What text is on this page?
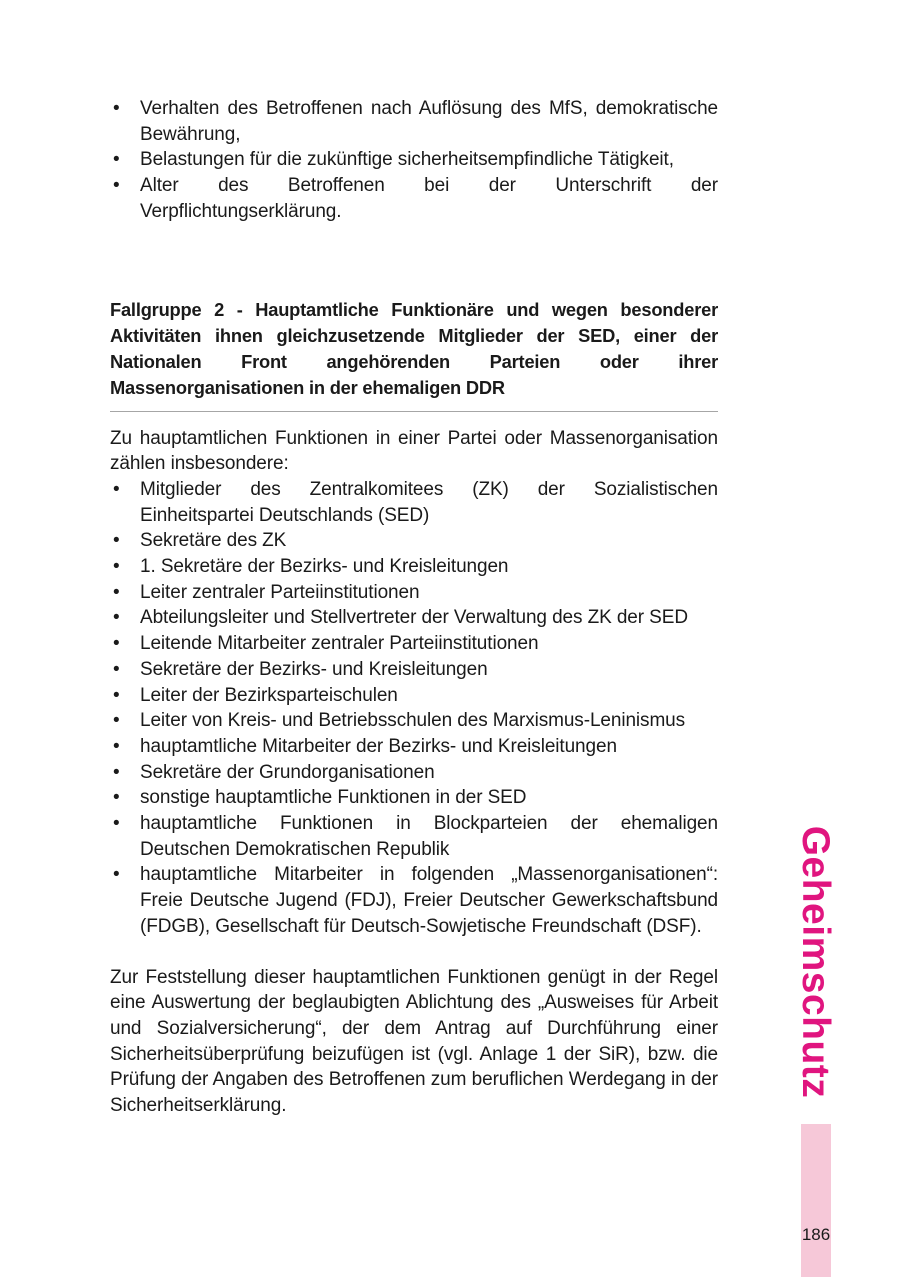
• Verhalten des Betroffenen nach Auflösung des MfS, demokratische Bewährung,
• Belastungen für die zukünftige sicherheitsempfindliche Tätigkeit,
• Alter des Betroffenen bei der Unterschrift der Verpflichtungserklärung.
Fallgruppe 2 - Hauptamtliche Funktionäre und wegen besonderer Aktivitäten ihnen gleichzusetzende Mitglieder der SED, einer der Nationalen Front angehörenden Parteien oder ihrer Massenorganisationen in der ehemaligen DDR

Zu hauptamtlichen Funktionen in einer Partei oder Massenorganisation zählen insbesondere:

• Mitglieder des Zentralkomitees (ZK) der Sozialistischen Einheitspartei Deutschlands (SED)
• Sekretäre des ZK
• 1. Sekretäre der Bezirks- und Kreisleitungen
• Leiter zentraler Parteiinstitutionen
• Abteilungsleiter und Stellvertreter der Verwaltung des ZK der SED
• Leitende Mitarbeiter zentraler Parteiinstitutionen
• Sekretäre der Bezirks- und Kreisleitungen
• Leiter der Bezirksparteischulen
• Leiter von Kreis- und Betriebsschulen des Marxismus-Leninismus
• hauptamtliche Mitarbeiter der Bezirks- und Kreisleitungen
• Sekretäre der Grundorganisationen
• sonstige hauptamtliche Funktionen in der SED
• hauptamtliche Funktionen in Blockparteien der ehemaligen Deutschen Demokratischen Republik
• hauptamtliche Mitarbeiter in folgenden „Massenorganisationen“: Freie Deutsche Jugend (FDJ), Freier Deutscher Gewerkschaftsbund (FDGB), Gesellschaft für Deutsch-Sowjetische Freundschaft (DSF).

Zur Feststellung dieser hauptamtlichen Funktionen genügt in der Regel eine Auswertung der beglaubigten Ablichtung des „Ausweises für Arbeit und Sozialversicherung“, der dem Antrag auf Durchführung einer Sicherheitsüberprüfung beizufügen ist (vgl. Anlage 1 der SiR), bzw. die Prüfung der Angaben des Betroffenen zum beruflichen Werdegang in der Sicherheitserklärung.

Geheimschutz
186
